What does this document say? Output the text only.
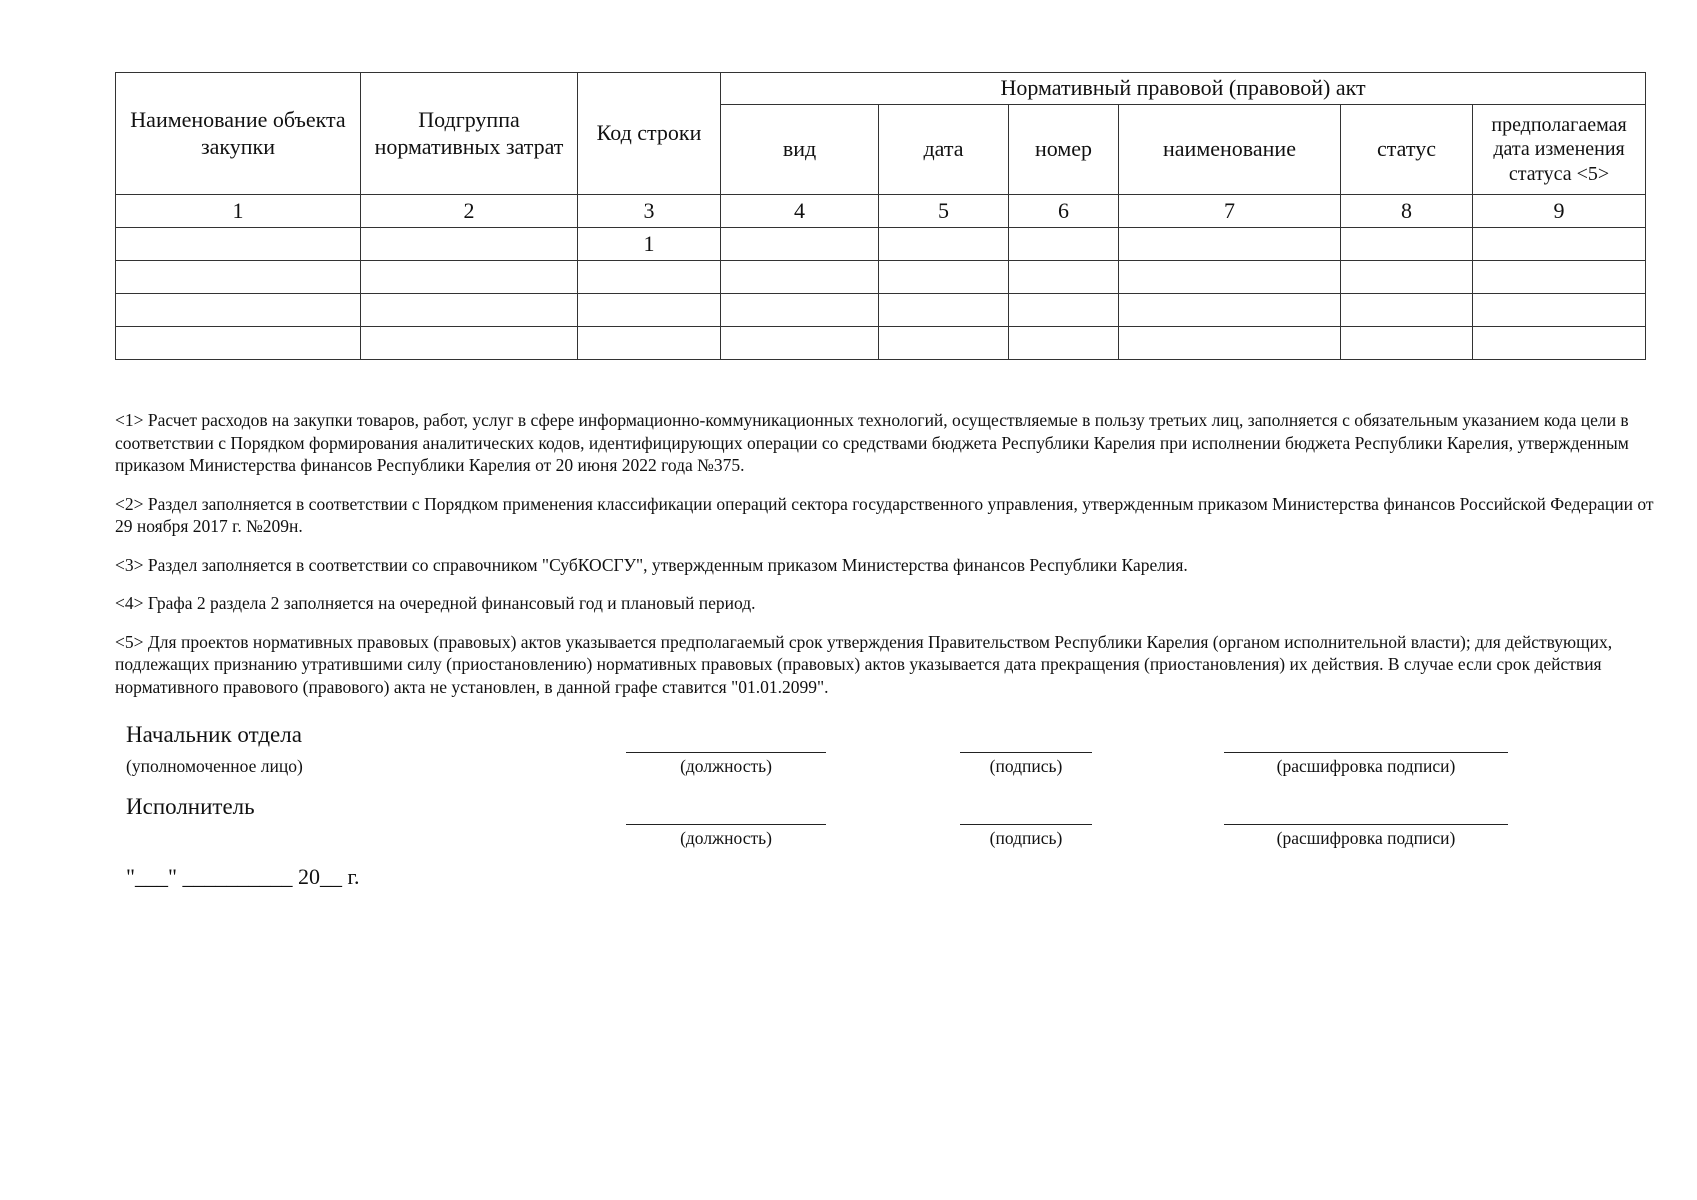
Наименование объекта закупки	Подгруппа нормативных затрат	Код строки	Нормативный правовой (правовой) акт					
			вид	дата	номер	наименование	статус	предполагаемая дата изменения статуса <5>
1	2	3	4	5	6	7	8	9
		1						

<1> Расчет расходов на закупки товаров, работ, услуг в сфере информационно-коммуникационных технологий, осуществляемые в пользу третьих лиц, заполняется с обязательным указанием кода цели в соответствии с Порядком формирования аналитических кодов, идентифицирующих операции со средствами бюджета Республики Карелия при исполнении бюджета Республики Карелия, утвержденным приказом Министерства финансов Республики Карелия от 20 июня 2022 года №375.

<2> Раздел заполняется в соответствии с Порядком применения классификации операций сектора государственного управления, утвержденным приказом Министерства финансов Российской Федерации от 29 ноября 2017 г. №209н.

<3> Раздел заполняется в соответствии со справочником "СубКОСГУ", утвержденным приказом Министерства финансов Республики Карелия.

<4> Графа 2 раздела 2 заполняется на очередной финансовый год и плановый период.

<5> Для проектов нормативных правовых (правовых) актов указывается предполагаемый срок утверждения Правительством Республики Карелия (органом исполнительной власти); для действующих, подлежащих признанию утратившими силу (приостановлению) нормативных правовых (правовых) актов указывается дата прекращения (приостановления) их действия. В случае если срок действия нормативного правового (правового) акта не установлен, в данной графе ставится "01.01.2099".

Начальник отдела
(уполномоченное лицо)	(должность)	(подпись)	(расшифровка подписи)
Исполнитель
(должность)	(подпись)	(расшифровка подписи)
"___" __________ 20__ г.
